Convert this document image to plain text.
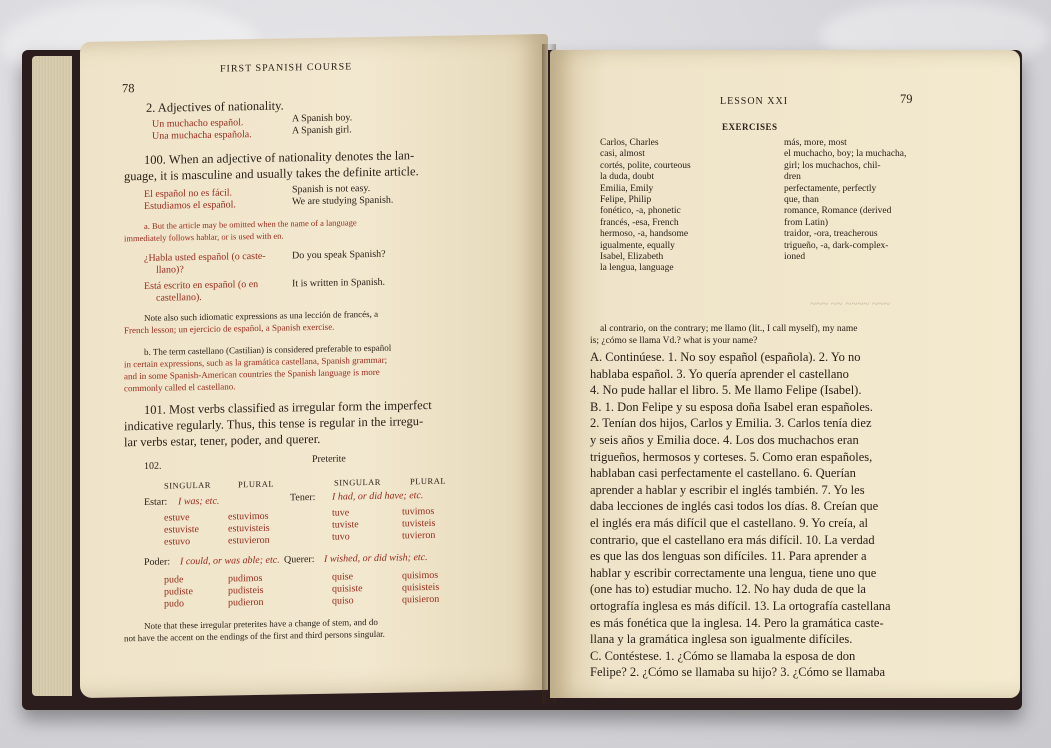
78
FIRST SPANISH COURSE
2. Adjectives of nationality.
Un muchacho español.	A Spanish boy.
Una muchacha española.	A Spanish girl.
100. When an adjective of nationality denotes the lan-
guage, it is masculine and usually takes the definite article.
El español no es fácil.	Spanish is not easy.
Estudiamos el español.	We are studying Spanish.
a. But the article may be omitted when the name of a language
immediately follows hablar, or is used with en.
¿Habla usted español (o caste-
llano)?
Do you speak Spanish?
Está escrito en español (o en
castellano).
It is written in Spanish.
Note also such idiomatic expressions as una lección de francés, a
French lesson; un ejercicio de español, a Spanish exercise.
b. The term castellano (Castilian) is considered preferable to español
in certain expressions, such as la gramática castellana, Spanish grammar;
and in some Spanish-American countries the Spanish language is more
commonly called el castellano.
101. Most verbs classified as irregular form the imperfect
indicative regularly. Thus, this tense is regular in the irregu-
lar verbs estar, tener, poder, and querer.
102.
Preterite
SINGULAR	PLURAL	SINGULAR	PLURAL
Estar: I was; etc.	Tener: I had, or did have; etc.
estuve	estuvimos
estuviste	estuvisteis
estuvo	estuvieron
tuve	tuvimos
tuviste	tuvisteis
tuvo	tuvieron
Poder: I could, or was able; etc. Querer: I wished, or did wish; etc.
pude	pudimos
pudiste	pudisteis
pudo	pudieron
quise	quisimos
quisiste	quisisteis
quiso	quisieron
Note that these irregular preterites have a change of stem, and do
not have the accent on the endings of the first and third persons singular.
LESSON XXI	79
EXERCISES
Carlos, Charles
casi, almost
cortés, polite, courteous
la duda, doubt
Emilia, Emily
Felipe, Philip
fonético, -a, phonetic
francés, -esa, French
hermoso, -a, handsome
igualmente, equally
Isabel, Elizabeth
la lengua, language
más, more, most
el muchacho, boy; la muchacha,
girl; los muchachos, chil-
dren
perfectamente, perfectly
que, than
romance, Romance (derived
from Latin)
traidor, -ora, treacherous
trigueño, -a, dark-complex-
ioned
~~~ ~~ ~~~~ ~~~
al contrario, on the contrary; me llamo (lit., I call myself), my name
is; ¿cómo se llama Vd.? what is your name?
A. Continúese. 1. No soy español (española). 2. Yo no
hablaba español. 3. Yo quería aprender el castellano
4. No pude hallar el libro. 5. Me llamo Felipe (Isabel).
B. 1. Don Felipe y su esposa doña Isabel eran españoles.
2. Tenían dos hijos, Carlos y Emilia. 3. Carlos tenía diez
y seis años y Emilia doce. 4. Los dos muchachos eran
trigueños, hermosos y corteses. 5. Como eran españoles,
hablaban casi perfectamente el castellano. 6. Querían
aprender a hablar y escribir el inglés también. 7. Yo les
daba lecciones de inglés casi todos los días. 8. Creían que
el inglés era más difícil que el castellano. 9. Yo creía, al
contrario, que el castellano era más difícil. 10. La verdad
es que las dos lenguas son difíciles. 11. Para aprender a
hablar y escribir correctamente una lengua, tiene uno que
(one has to) estudiar mucho. 12. No hay duda de que la
ortografía inglesa es más difícil. 13. La ortografía castellana
es más fonética que la inglesa. 14. Pero la gramática caste-
llana y la gramática inglesa son igualmente difíciles.
C. Contéstese. 1. ¿Cómo se llamaba la esposa de don
Felipe? 2. ¿Cómo se llamaba su hijo? 3. ¿Cómo se llamaba
